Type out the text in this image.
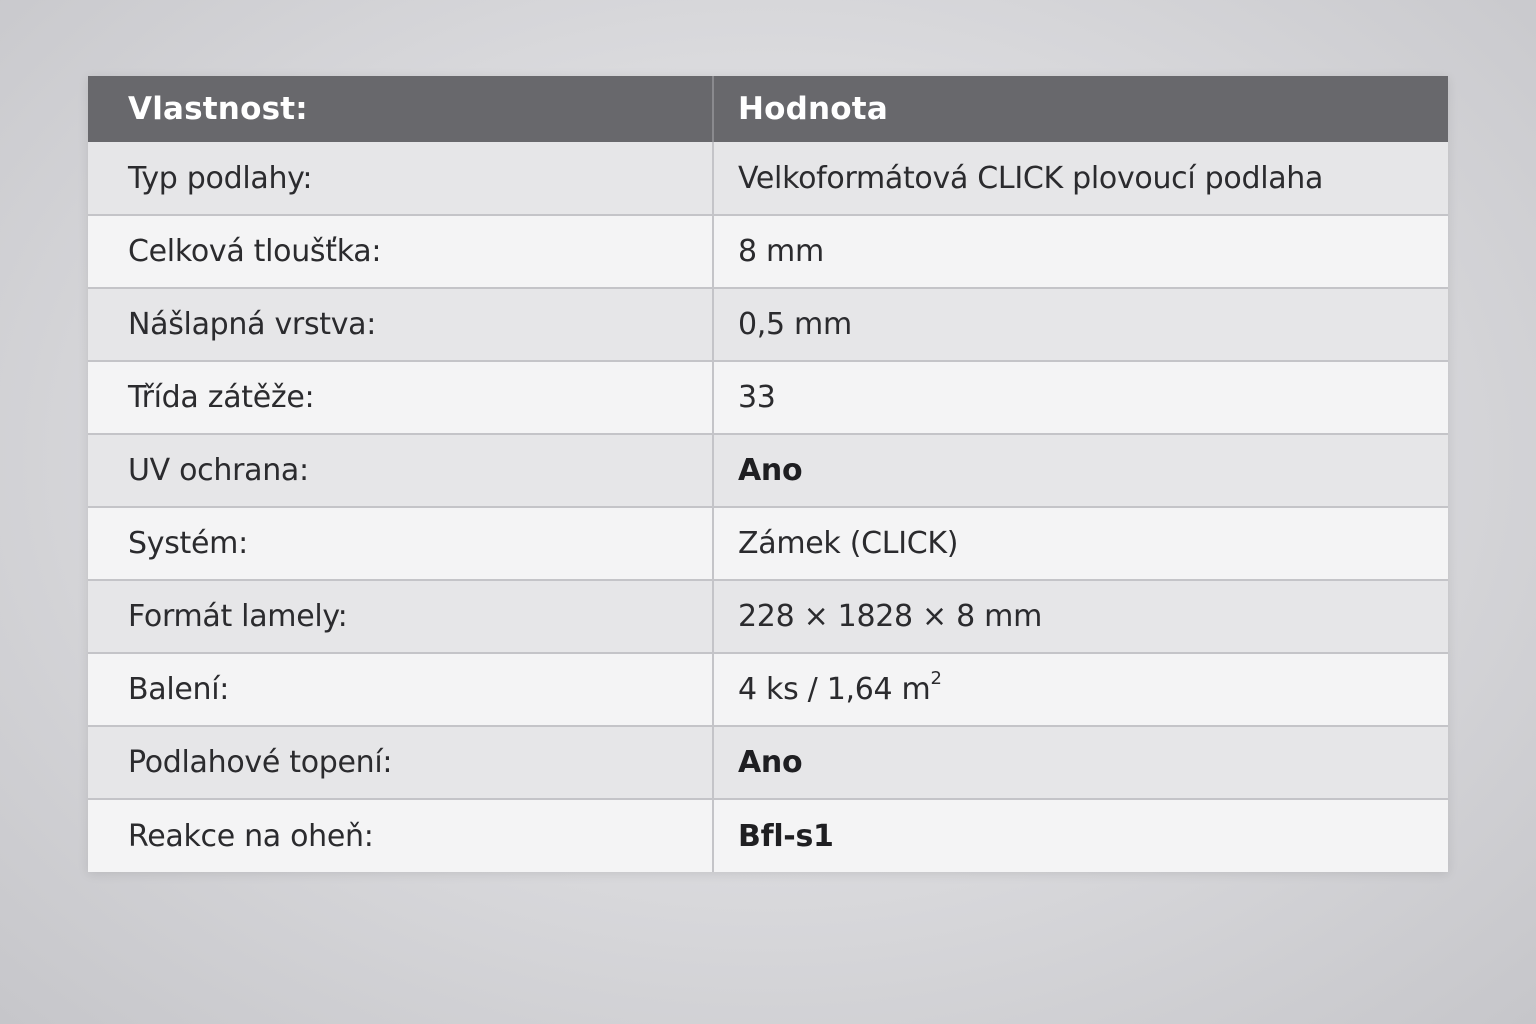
Vlastnost:	Hodnota
Typ podlahy:	Velkoformátová CLICK plovoucí podlaha
Celková tloušťka:	8 mm
Nášlapná vrstva:	0,5 mm
Třída zátěže:	33
UV ochrana:	Ano
Systém:	Zámek (CLICK)
Formát lamely:	228 × 1828 × 8 mm
Balení:	4 ks / 1,64 $m^2$
Podlahové topení:	Ano
Reakce na oheň:	Bfl-s1
